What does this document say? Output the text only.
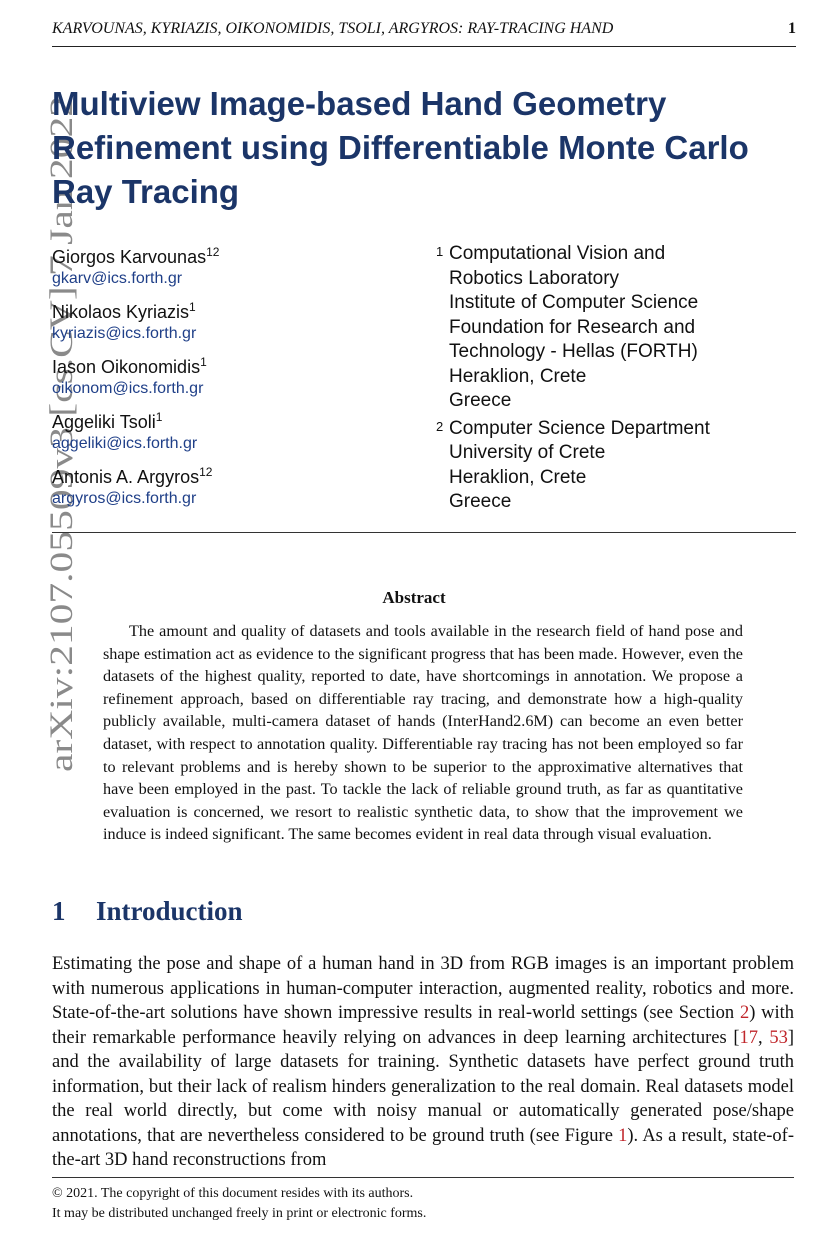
KARVOUNAS, KYRIAZIS, OIKONOMIDIS, TSOLI, ARGYROS: RAY-TRACING HAND	1
arXiv:2107.05509v3 [cs.CV] 7 Jan 2022
Multiview Image-based Hand Geometry Refinement using Differentiable Monte Carlo Ray Tracing
Giorgos Karvounas$^{12}$
gkarv@ics.forth.gr
Nikolaos Kyriazis$^1$
kyriazis@ics.forth.gr
Iason Oikonomidis$^1$
oikonom@ics.forth.gr
Aggeliki Tsoli$^1$
aggeliki@ics.forth.gr
Antonis A. Argyros$^{12}$
argyros@ics.forth.gr
1 Computational Vision and
Robotics Laboratory
Institute of Computer Science
Foundation for Research and
Technology - Hellas (FORTH)
Heraklion, Crete
Greece
2 Computer Science Department
University of Crete
Heraklion, Crete
Greece
Abstract

The amount and quality of datasets and tools available in the research field of hand pose and shape estimation act as evidence to the significant progress that has been made. However, even the datasets of the highest quality, reported to date, have shortcomings in annotation. We propose a refinement approach, based on differentiable ray tracing, and demonstrate how a high-quality publicly available, multi-camera dataset of hands (InterHand2.6M) can become an even better dataset, with respect to annotation quality. Differentiable ray tracing has not been employed so far to relevant problems and is hereby shown to be superior to the approximative alternatives that have been employed in the past. To tackle the lack of reliable ground truth, as far as quantitative evaluation is concerned, we resort to realistic synthetic data, to show that the improvement we induce is indeed significant. The same becomes evident in real data through visual evaluation.

1 Introduction

Estimating the pose and shape of a human hand in 3D from RGB images is an important problem with numerous applications in human-computer interaction, augmented reality, robotics and more. State-of-the-art solutions have shown impressive results in real-world settings (see Section 2) with their remarkable performance heavily relying on advances in deep learning architectures [17, 53] and the availability of large datasets for training. Synthetic datasets have perfect ground truth information, but their lack of realism hinders generalization to the real domain. Real datasets model the real world directly, but come with noisy manual or automatically generated pose/shape annotations, that are nevertheless considered to be ground truth (see Figure 1). As a result, state-of-the-art 3D hand reconstructions from

© 2021. The copyright of this document resides with its authors.
It may be distributed unchanged freely in print or electronic forms.
